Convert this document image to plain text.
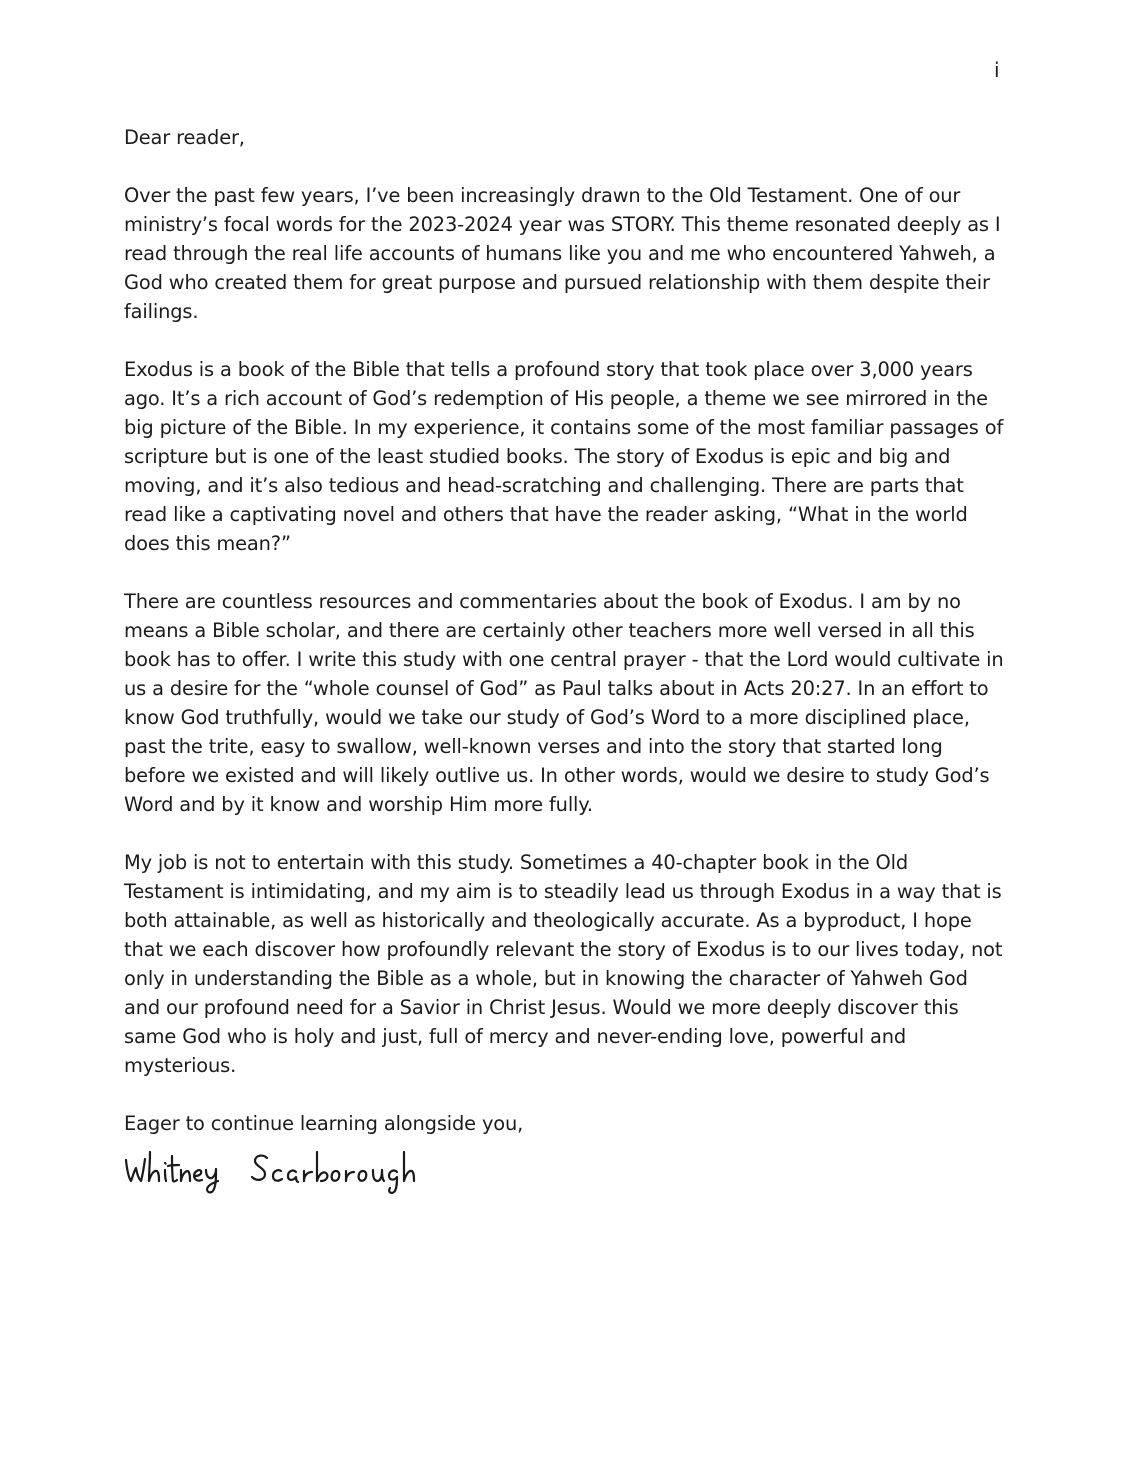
i

Dear reader,

Over the past few years, I’ve been increasingly drawn to the Old Testament. One of our ministry’s focal words for the 2023-2024 year was STORY. This theme resonated deeply as I read through the real life accounts of humans like you and me who encountered Yahweh, a God who created them for great purpose and pursued relationship with them despite their failings.

Exodus is a book of the Bible that tells a profound story that took place over 3,000 years ago. It’s a rich account of God’s redemption of His people, a theme we see mirrored in the big picture of the Bible. In my experience, it contains some of the most familiar passages of scripture but is one of the least studied books. The story of Exodus is epic and big and moving, and it’s also tedious and head-scratching and challenging. There are parts that read like a captivating novel and others that have the reader asking, “What in the world does this mean?”

There are countless resources and commentaries about the book of Exodus. I am by no means a Bible scholar, and there are certainly other teachers more well versed in all this book has to offer. I write this study with one central prayer - that the Lord would cultivate in us a desire for the “whole counsel of God” as Paul talks about in Acts 20:27. In an effort to know God truthfully, would we take our study of God’s Word to a more disciplined place, past the trite, easy to swallow, well-known verses and into the story that started long before we existed and will likely outlive us. In other words, would we desire to study God’s Word and by it know and worship Him more fully.

My job is not to entertain with this study. Sometimes a 40-chapter book in the Old Testament is intimidating, and my aim is to steadily lead us through Exodus in a way that is both attainable, as well as historically and theologically accurate. As a byproduct, I hope that we each discover how profoundly relevant the story of Exodus is to our lives today, not only in understanding the Bible as a whole, but in knowing the character of Yahweh God and our profound need for a Savior in Christ Jesus. Would we more deeply discover this same God who is holy and just, full of mercy and never-ending love, powerful and mysterious.

Eager to continue learning alongside you,
